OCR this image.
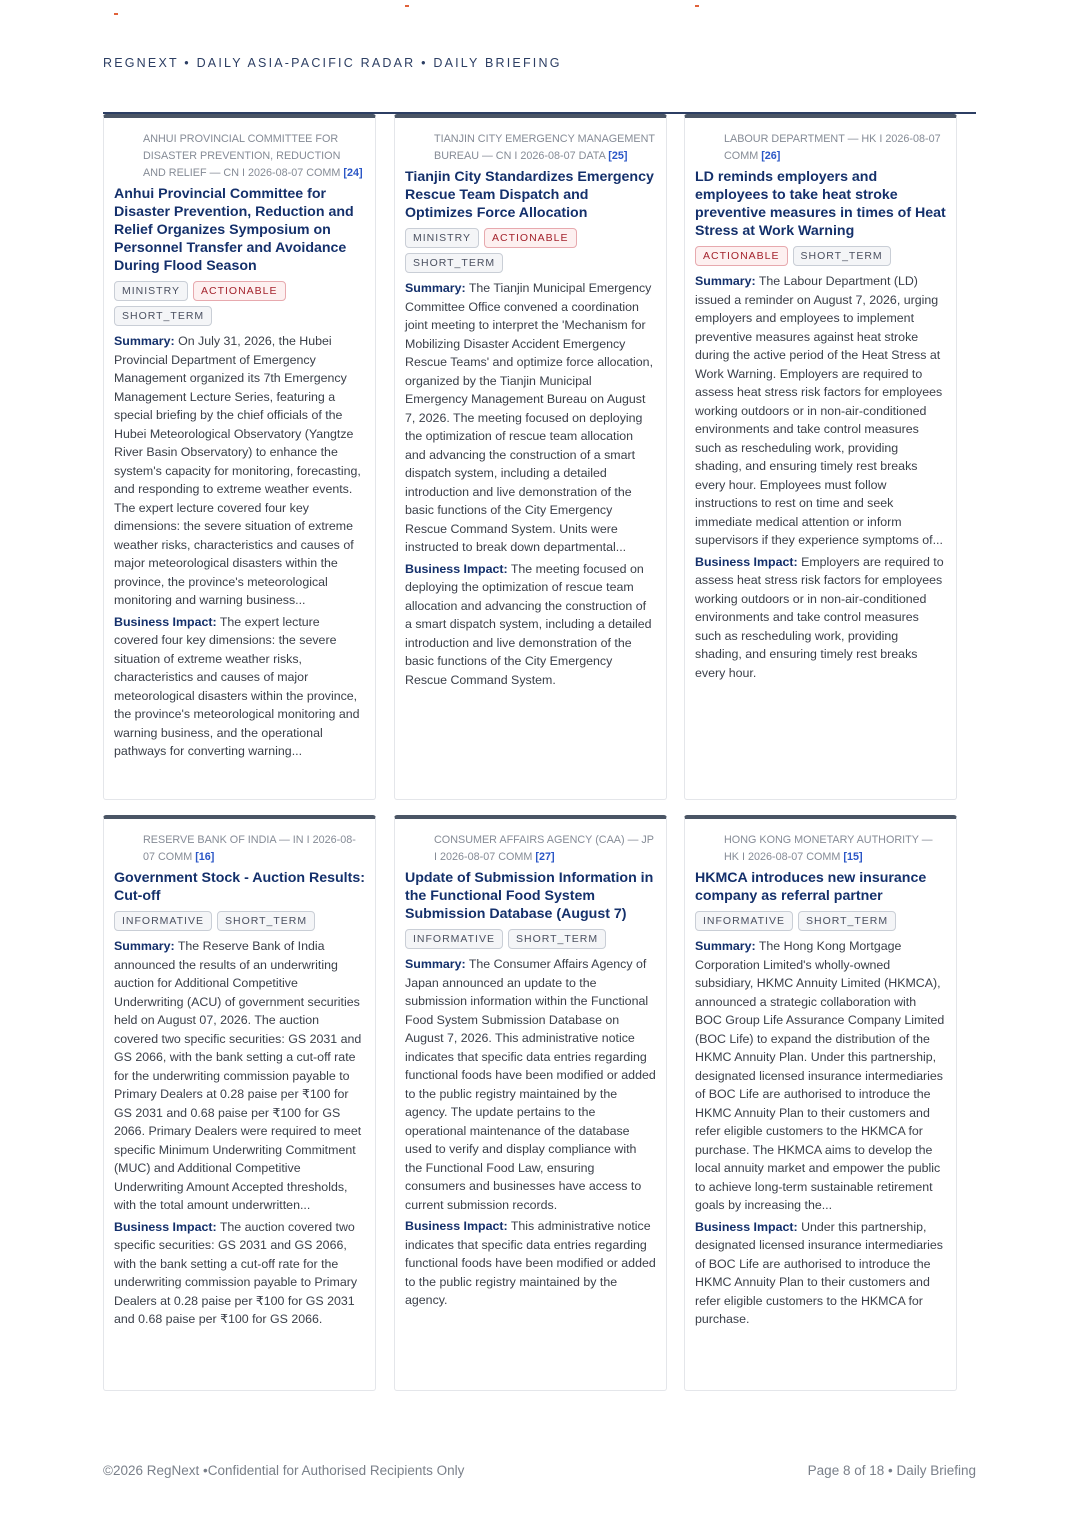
REGNEXT • DAILY ASIA-PACIFIC RADAR • DAILY BRIEFING
ANHUI PROVINCIAL COMMITTEE FOR DISASTER PREVENTION, REDUCTION AND RELIEF — CN I 2026-08-07 COMM [24]
Anhui Provincial Committee for Disaster Prevention, Reduction and Relief Organizes Symposium on Personnel Transfer and Avoidance During Flood Season
MINISTRY ACTIONABLESHORT_TERM

Summary: On July 31, 2026, the Hubei Provincial Department of Emergency Management organized its 7th Emergency Management Lecture Series, featuring a special briefing by the chief officials of the Hubei Meteorological Observatory (Yangtze River Basin Observatory) to enhance the system's capacity for monitoring, forecasting, and responding to extreme weather events. The expert lecture covered four key dimensions: the severe situation of extreme weather risks, characteristics and causes of major meteorological disasters within the province, the province's meteorological monitoring and warning business...

Business Impact: The expert lecture covered four key dimensions: the severe situation of extreme weather risks, characteristics and causes of major meteorological disasters within the province, the province's meteorological monitoring and warning business, and the operational pathways for converting warning...

TIANJIN CITY EMERGENCY MANAGEMENT BUREAU — CN I 2026-08-07 DATA [25]
Tianjin City Standardizes Emergency Rescue Team Dispatch and Optimizes Force Allocation
MINISTRY ACTIONABLESHORT_TERM

Summary: The Tianjin Municipal Emergency Committee Office convened a coordination joint meeting to interpret the 'Mechanism for Mobilizing Disaster Accident Emergency Rescue Teams' and optimize force allocation, organized by the Tianjin Municipal Emergency Management Bureau on August 7, 2026. The meeting focused on deploying the optimization of rescue team allocation and advancing the construction of a smart dispatch system, including a detailed introduction and live demonstration of the basic functions of the City Emergency Rescue Command System. Units were instructed to break down departmental...

Business Impact: The meeting focused on deploying the optimization of rescue team allocation and advancing the construction of a smart dispatch system, including a detailed introduction and live demonstration of the basic functions of the City Emergency Rescue Command System.

LABOUR DEPARTMENT — HK I 2026-08-07 COMM [26]
LD reminds employers and employees to take heat stroke preventive measures in times of Heat Stress at Work Warning
ACTIONABLE SHORT_TERM

Summary: The Labour Department (LD) issued a reminder on August 7, 2026, urging employers and employees to implement preventive measures against heat stroke during the active period of the Heat Stress at Work Warning. Employers are required to assess heat stress risk factors for employees working outdoors or in non-air-conditioned environments and take control measures such as rescheduling work, providing shading, and ensuring timely rest breaks every hour. Employees must follow instructions to rest on time and seek immediate medical attention or inform supervisors if they experience symptoms of...

Business Impact: Employers are required to assess heat stress risk factors for employees working outdoors or in non-air-conditioned environments and take control measures such as rescheduling work, providing shading, and ensuring timely rest breaks every hour.

RESERVE BANK OF INDIA — IN I 2026-08-07 COMM [16]
Government Stock - Auction Results: Cut-off
INFORMATIVE SHORT_TERM

Summary: The Reserve Bank of India announced the results of an underwriting auction for Additional Competitive Underwriting (ACU) of government securities held on August 07, 2026. The auction covered two specific securities: GS 2031 and GS 2066, with the bank setting a cut-off rate for the underwriting commission payable to Primary Dealers at 0.28 paise per ₹100 for GS 2031 and 0.68 paise per ₹100 for GS 2066. Primary Dealers were required to meet specific Minimum Underwriting Commitment (MUC) and Additional Competitive Underwriting Amount Accepted thresholds, with the total amount underwritten...

Business Impact: The auction covered two specific securities: GS 2031 and GS 2066, with the bank setting a cut-off rate for the underwriting commission payable to Primary Dealers at 0.28 paise per ₹100 for GS 2031 and 0.68 paise per ₹100 for GS 2066.

CONSUMER AFFAIRS AGENCY (CAA) — JP I 2026-08-07 COMM [27]
Update of Submission Information in the Functional Food System Submission Database (August 7)
INFORMATIVE SHORT_TERM

Summary: The Consumer Affairs Agency of Japan announced an update to the submission information within the Functional Food System Submission Database on August 7, 2026. This administrative notice indicates that specific data entries regarding functional foods have been modified or added to the public registry maintained by the agency. The update pertains to the operational maintenance of the database used to verify and display compliance with the Functional Food Law, ensuring consumers and businesses have access to current submission records.

Business Impact: This administrative notice indicates that specific data entries regarding functional foods have been modified or added to the public registry maintained by the agency.

HONG KONG MONETARY AUTHORITY — HK I 2026-08-07 COMM [15]
HKMCA introduces new insurance company as referral partner
INFORMATIVE SHORT_TERM

Summary: The Hong Kong Mortgage Corporation Limited's wholly-owned subsidiary, HKMC Annuity Limited (HKMCA), announced a strategic collaboration with BOC Group Life Assurance Company Limited (BOC Life) to expand the distribution of the HKMC Annuity Plan. Under this partnership, designated licensed insurance intermediaries of BOC Life are authorised to introduce the HKMC Annuity Plan to their customers and refer eligible customers to the HKMCA for purchase. The HKMCA aims to develop the local annuity market and empower the public to achieve long-term sustainable retirement goals by increasing the...

Business Impact: Under this partnership, designated licensed insurance intermediaries of BOC Life are authorised to introduce the HKMC Annuity Plan to their customers and refer eligible customers to the HKMCA for purchase.

©2026 RegNext •Confidential for Authorised Recipients Only	Page 8 of 18 • Daily Briefing
